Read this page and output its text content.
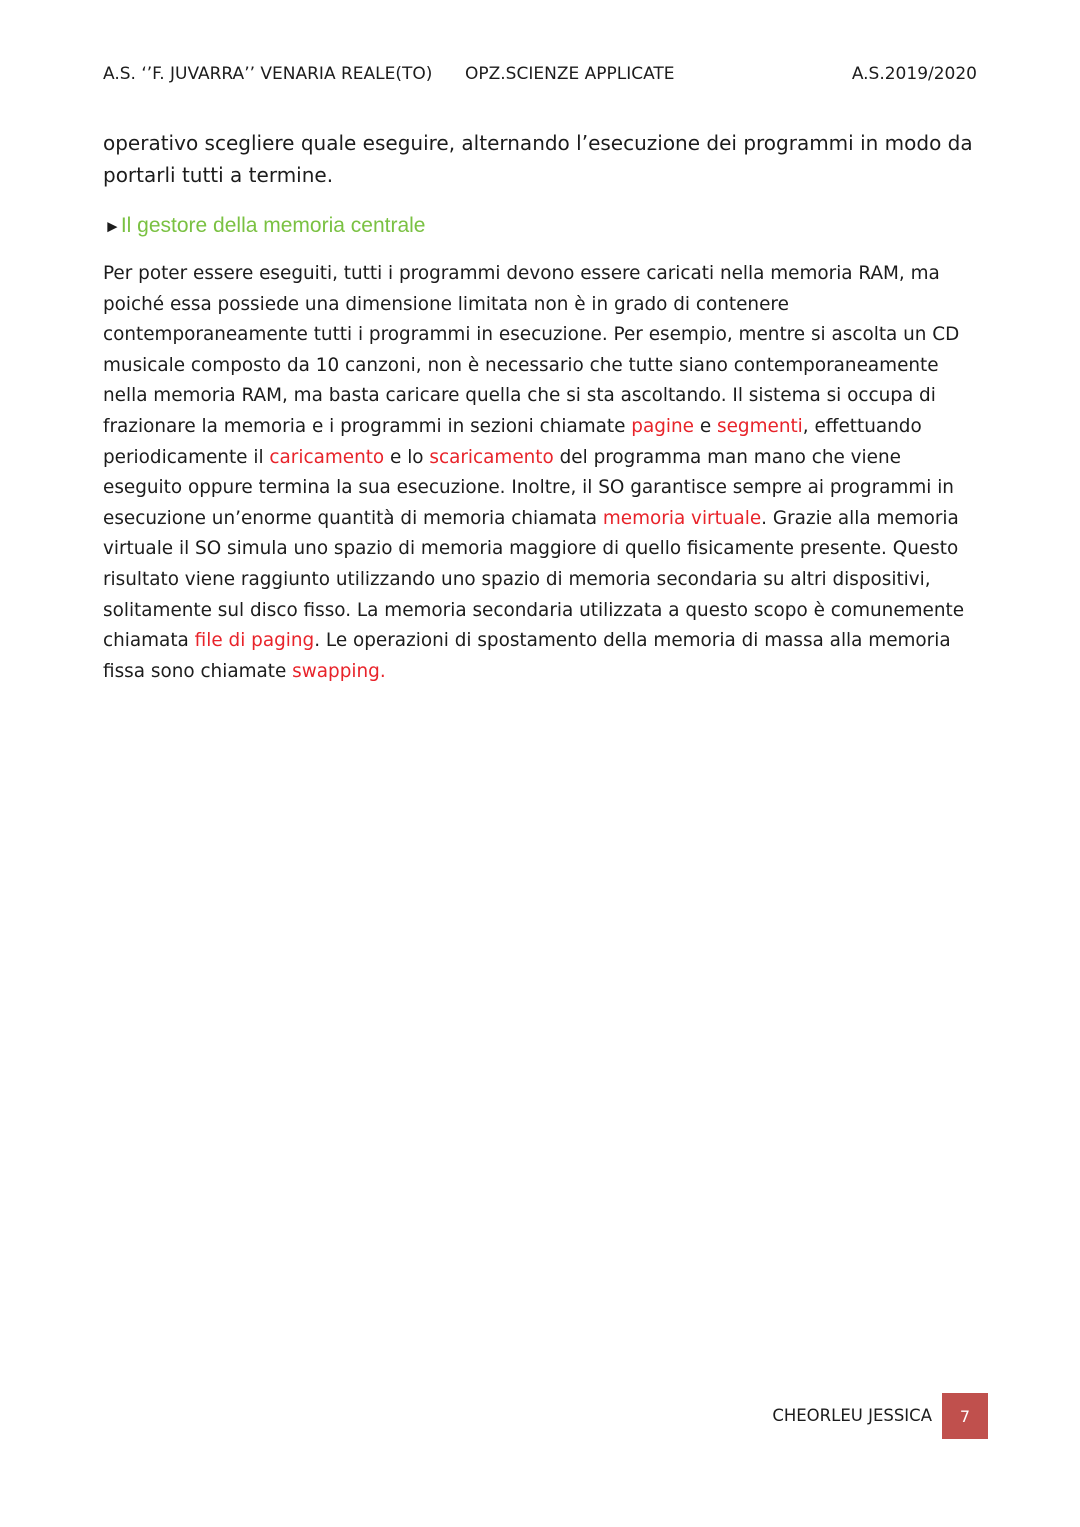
A.S. ‘’F. JUVARRA’’ VENARIA REALE(TO) OPZ.SCIENZE APPLICATE	A.S.2019/2020

operativo scegliere quale eseguire, alternando l’esecuzione dei programmi in modo da
portarli tutti a termine.

►Il gestore della memoria centrale

Per poter essere eseguiti, tutti i programmi devono essere caricati nella memoria RAM, ma poiché essa possiede una dimensione limitata non è in grado di contenere contemporaneamente tutti i programmi in esecuzione. Per esempio, mentre si ascolta un CD musicale composto da 10 canzoni, non è necessario che tutte siano contemporaneamente nella memoria RAM, ma basta caricare quella che si sta ascoltando. Il sistema si occupa di frazionare la memoria e i programmi in sezioni chiamate pagine e segmenti, effettuando periodicamente il caricamento e lo scaricamento del programma man mano che viene eseguito oppure termina la sua esecuzione. Inoltre, il SO garantisce sempre ai programmi in esecuzione un’enorme quantità di memoria chiamata memoria virtuale. Grazie alla memoria virtuale il SO simula uno spazio di memoria maggiore di quello fisicamente presente. Questo risultato viene raggiunto utilizzando uno spazio di memoria secondaria su altri dispositivi, solitamente sul disco fisso. La memoria secondaria utilizzata a questo scopo è comunemente chiamata file di paging. Le operazioni di spostamento della memoria di massa alla memoria fissa sono chiamate swapping.

CHEORLEU JESSICA	7
